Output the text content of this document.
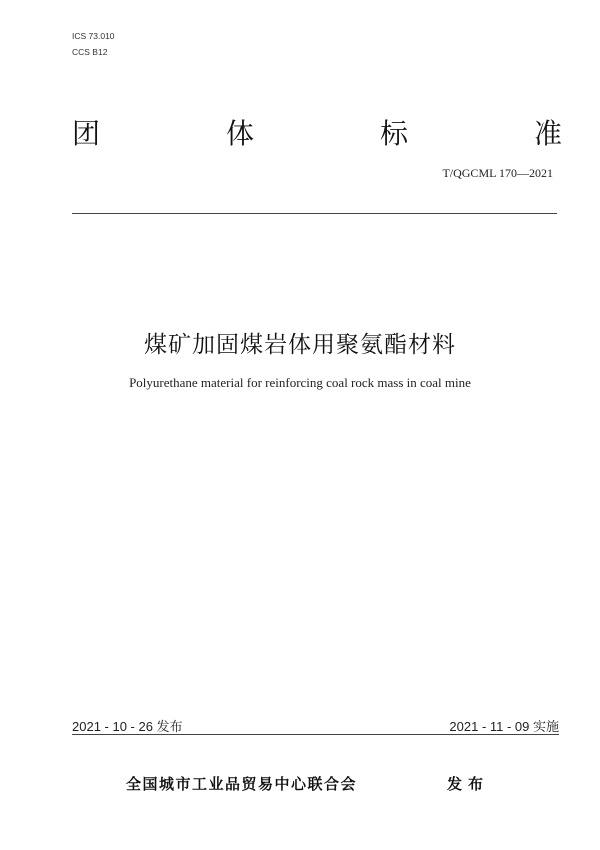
ICS 73.010
CCS B12
团	体	标	准
T/QGCML 170—2021
煤矿加固煤岩体用聚氨酯材料
Polyurethane material for reinforcing coal rock mass in coal mine
2021 - 10 - 26 发布	2021 - 11 - 09 实施
全国城市工业品贸易中心联合会	发布
